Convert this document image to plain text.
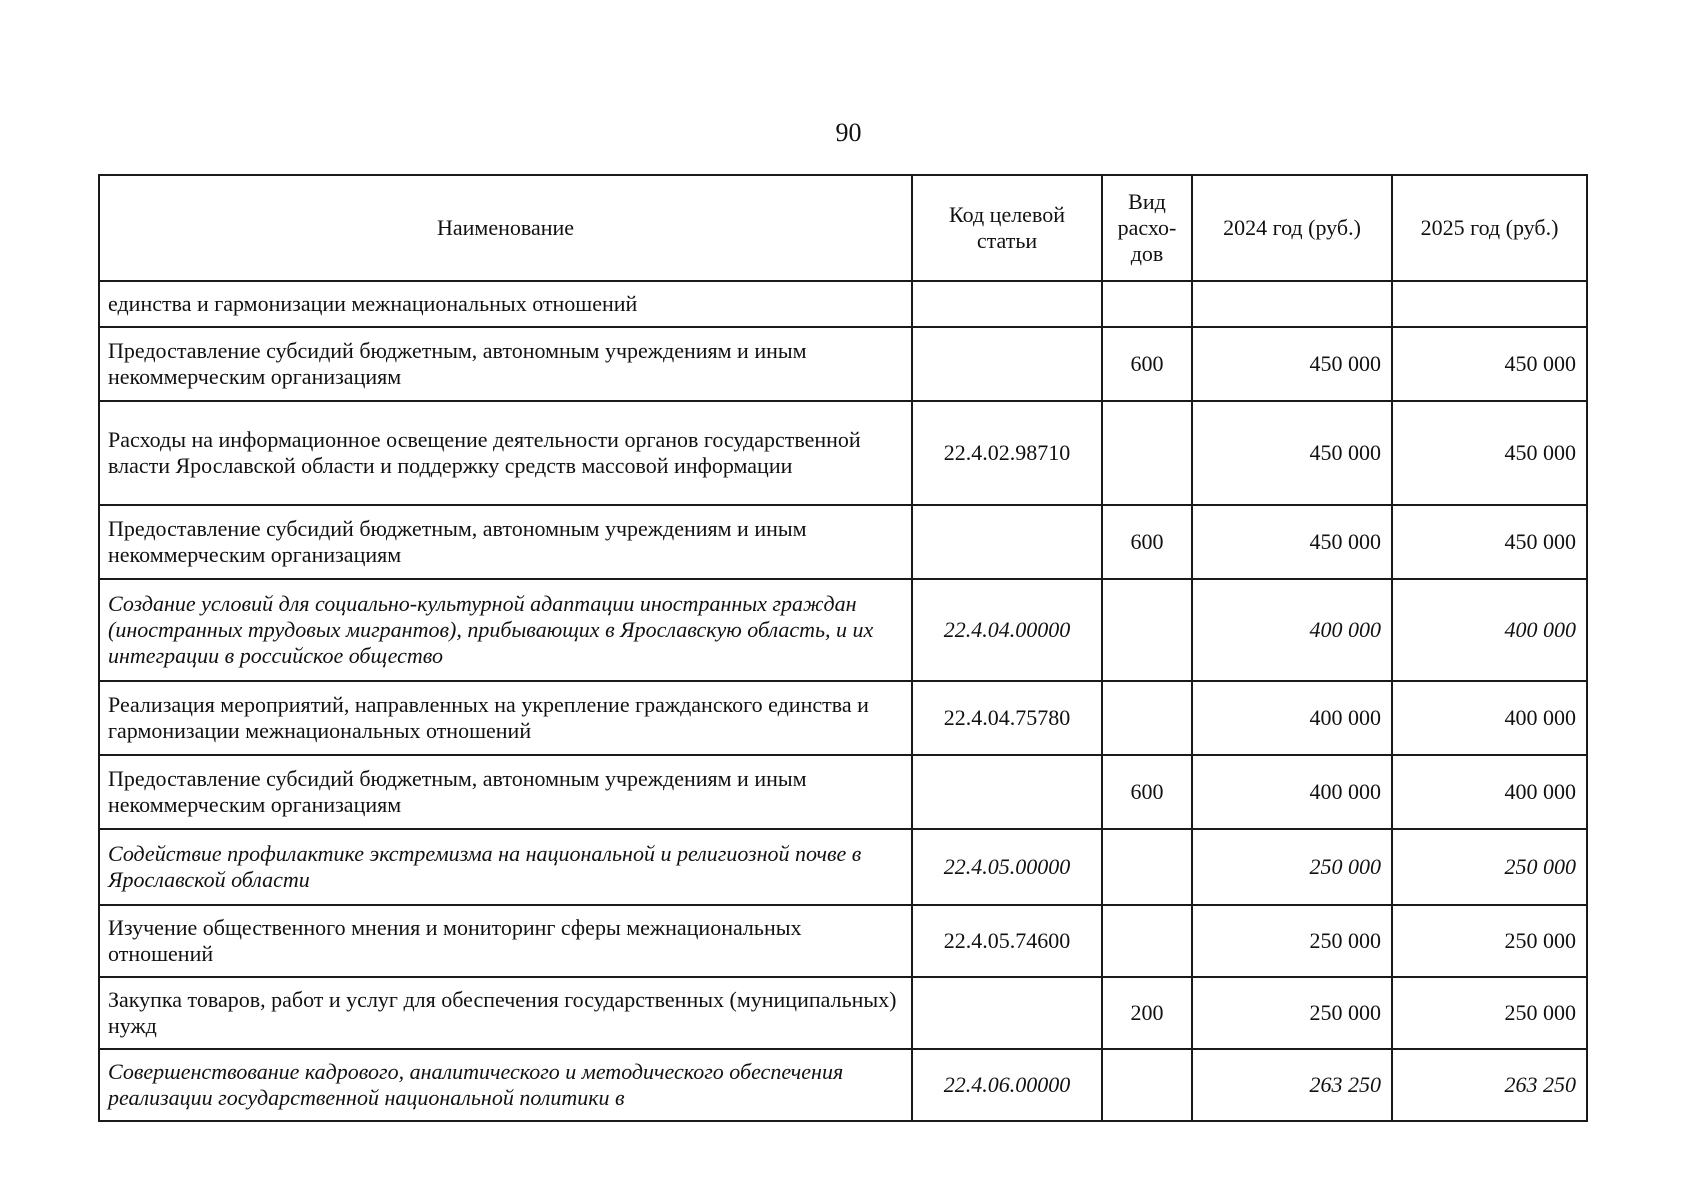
90
Наименование	Код целевой статьи	Вид расхо-дов	2024 год (руб.)	2025 год (руб.)
единства и гармонизации межнациональных отношений				
Предоставление субсидий бюджетным, автономным учреждениям и иным некоммерческим организациям		600	450 000	450 000
Расходы на информационное освещение деятельности органов государственной власти Ярославской области и поддержку средств массовой информации	22.4.02.98710		450 000	450 000
Предоставление субсидий бюджетным, автономным учреждениям и иным некоммерческим организациям		600	450 000	450 000
Создание условий для социально-культурной адаптации иностранных граждан (иностранных трудовых мигрантов), прибывающих в Ярославскую область, и их интеграции в российское общество	22.4.04.00000		400 000	400 000
Реализация мероприятий, направленных на укрепление гражданского единства и гармонизации межнациональных отношений	22.4.04.75780		400 000	400 000
Предоставление субсидий бюджетным, автономным учреждениям и иным некоммерческим организациям		600	400 000	400 000
Содействие профилактике экстремизма на национальной и религиозной почве в Ярославской области	22.4.05.00000		250 000	250 000
Изучение общественного мнения и мониторинг сферы межнациональных отношений	22.4.05.74600		250 000	250 000
Закупка товаров, работ и услуг для обеспечения государственных (муниципальных) нужд		200	250 000	250 000
Совершенствование кадрового, аналитического и методического обеспечения реализации государственной национальной политики в	22.4.06.00000		263 250	263 250
